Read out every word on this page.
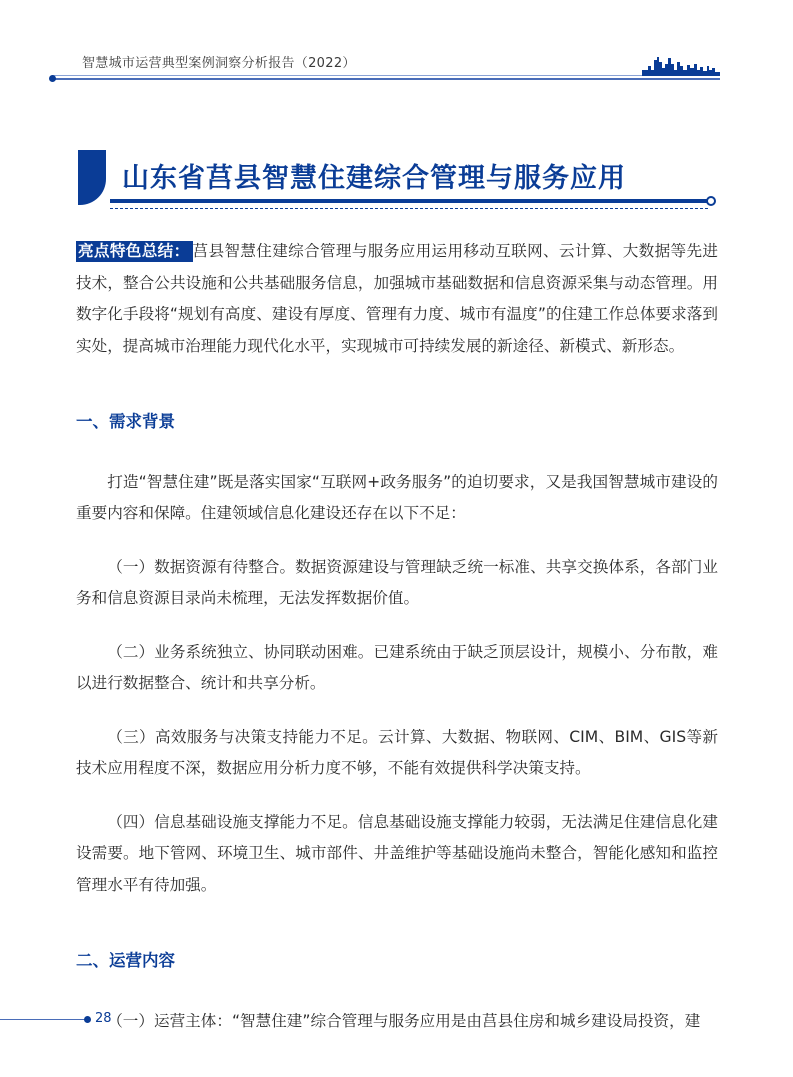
智慧城市运营典型案例洞察分析报告（2022）
山东省莒县智慧住建综合管理与服务应用

亮点特色总结： 莒县智慧住建综合管理与服务应用运用移动互联网、云计算、大数据等先进技术，整合公共设施和公共基础服务信息，加强城市基础数据和信息资源采集与动态管理。用数字化手段将“规划有高度、建设有厚度、管理有力度、城市有温度”的住建工作总体要求落到实处，提高城市治理能力现代化水平，实现城市可持续发展的新途径、新模式、新形态。

一、需求背景

打造“智慧住建”既是落实国家“互联网+政务服务”的迫切要求，又是我国智慧城市建设的重要内容和保障。住建领域信息化建设还存在以下不足：

（一）数据资源有待整合。数据资源建设与管理缺乏统一标准、共享交换体系，各部门业务和信息资源目录尚未梳理，无法发挥数据价值。

（二）业务系统独立、协同联动困难。已建系统由于缺乏顶层设计，规模小、分布散，难以进行数据整合、统计和共享分析。

（三）高效服务与决策支持能力不足。云计算、大数据、物联网、CIM、BIM、GIS等新技术应用程度不深，数据应用分析力度不够，不能有效提供科学决策支持。

（四）信息基础设施支撑能力不足。信息基础设施支撑能力较弱，无法满足住建信息化建设需要。地下管网、环境卫生、城市部件、井盖维护等基础设施尚未整合，智能化感知和监控管理水平有待加强。

二、运营内容

（一）运营主体：“智慧住建”综合管理与服务应用是由莒县住房和城乡建设局投资，建

28
